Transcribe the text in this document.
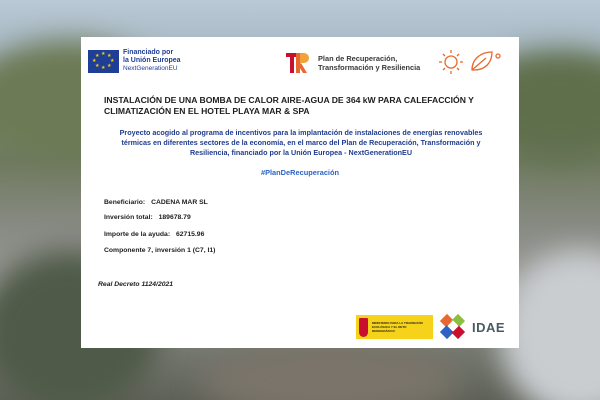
★ ★
★
★
★
★
★
★	Financiado por
la Unión Europea
NextGenerationEU
Plan de Recuperación,
Transformación y Resiliencia
INSTALACIÓN DE UNA BOMBA DE CALOR AIRE-AGUA DE 364 kW PARA CALEFACCIÓN Y CLIMATIZACIÓN EN EL HOTEL PLAYA MAR & SPA
Proyecto acogido al programa de incentivos para la implantación de instalaciones de energías renovables térmicas en diferentes sectores de la economía, en el marco del Plan de Recuperación, Transformación y Resiliencia, financiado por la Unión Europea - NextGenerationEU
#PlanDeRecuperación
Beneficiario: CADENA MAR SL
Inversión total: 189678.79
Importe de la ayuda: 62715.96
Componente 7, inversión 1 (C7, I1)
Real Decreto 1124/2021
MINISTERIO PARA LA TRANSICIÓN ECOLÓGICA Y EL RETO DEMOGRÁFICO	IDAE
